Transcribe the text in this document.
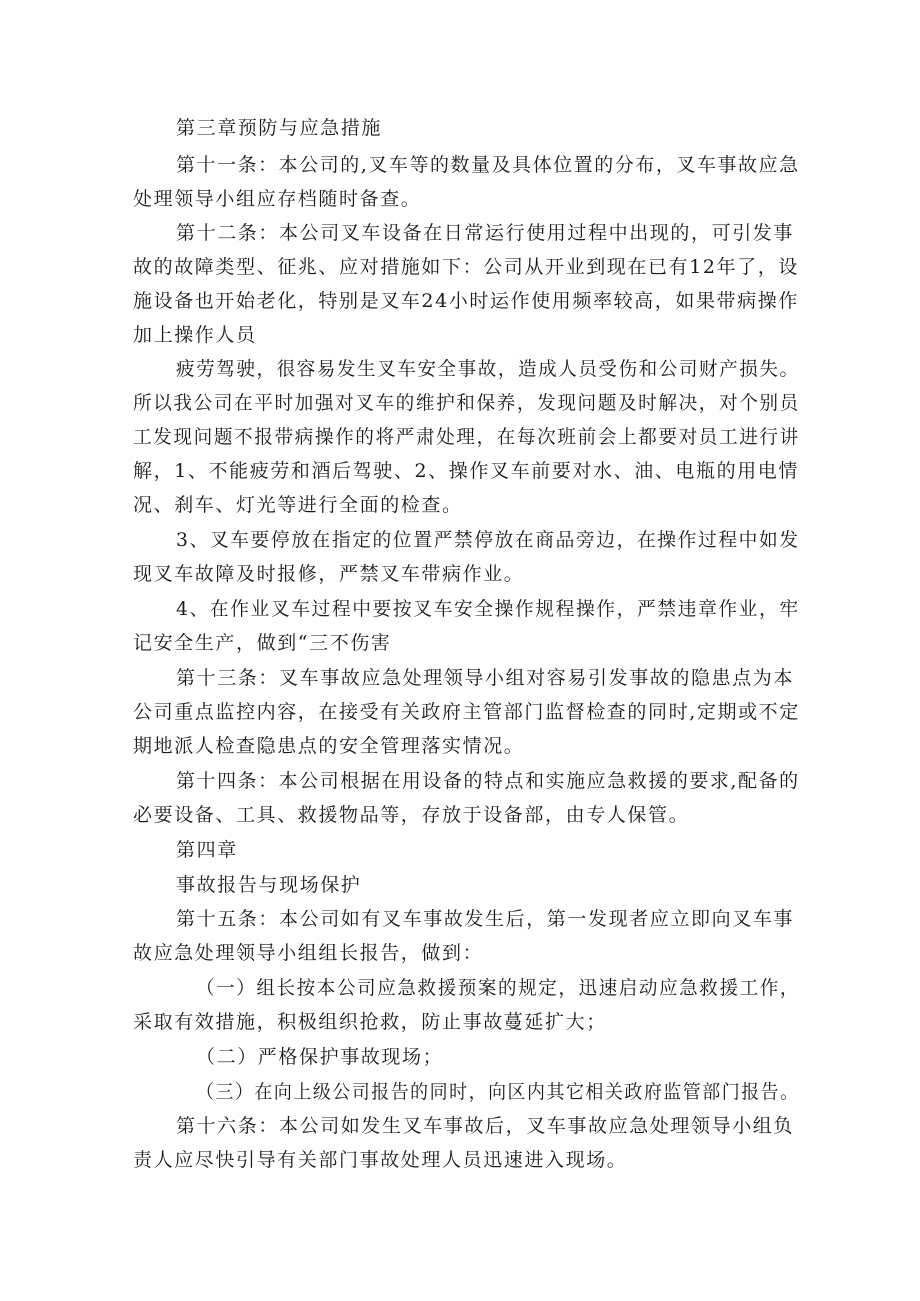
第三章预防与应急措施
第十一条：本公司的,叉车等的数量及具体位置的分布，叉车事故应急
处理领导小组应存档随时备查。
第十二条：本公司叉车设备在日常运行使用过程中出现的，可引发事
故的故障类型、征兆、应对措施如下：公司从开业到现在已有12年了，设
施设备也开始老化，特别是叉车24小时运作使用频率较高，如果带病操作
加上操作人员
疲劳驾驶，很容易发生叉车安全事故，造成人员受伤和公司财产损失。
所以我公司在平时加强对叉车的维护和保养，发现问题及时解决，对个别员
工发现问题不报带病操作的将严肃处理，在每次班前会上都要对员工进行讲
解，1、不能疲劳和酒后驾驶、2、操作叉车前要对水、油、电瓶的用电情
况、刹车、灯光等进行全面的检查。
3、叉车要停放在指定的位置严禁停放在商品旁边，在操作过程中如发
现叉车故障及时报修，严禁叉车带病作业。
4、在作业叉车过程中要按叉车安全操作规程操作，严禁违章作业，牢
记安全生产，做到“三不伤害
第十三条：叉车事故应急处理领导小组对容易引发事故的隐患点为本
公司重点监控内容，在接受有关政府主管部门监督检查的同时,定期或不定
期地派人检查隐患点的安全管理落实情况。
第十四条：本公司根据在用设备的特点和实施应急救援的要求,配备的
必要设备、工具、救援物品等，存放于设备部，由专人保管。
第四章
事故报告与现场保护
第十五条：本公司如有叉车事故发生后，第一发现者应立即向叉车事
故应急处理领导小组组长报告，做到：
（一）组长按本公司应急救援预案的规定，迅速启动应急救援工作，
采取有效措施，积极组织抢救，防止事故蔓延扩大；
（二）严格保护事故现场；
（三）在向上级公司报告的同时，向区内其它相关政府监管部门报告。
第十六条：本公司如发生叉车事故后，叉车事故应急处理领导小组负
责人应尽快引导有关部门事故处理人员迅速进入现场。
